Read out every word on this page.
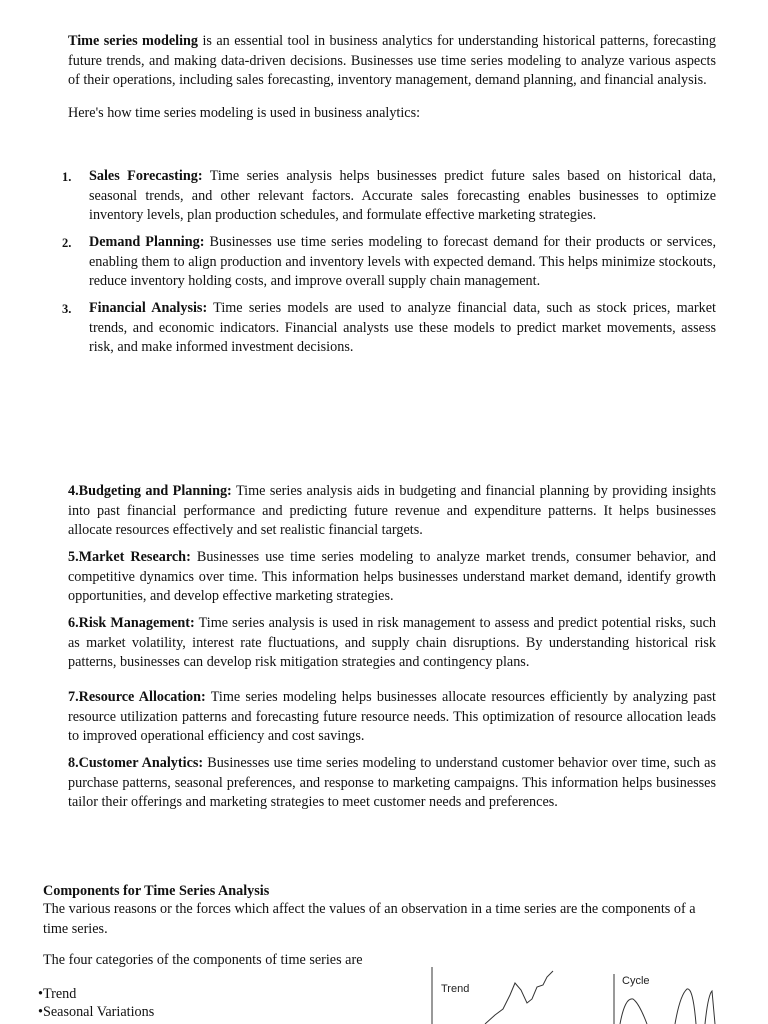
Time series modeling is an essential tool in business analytics for understanding historical patterns, forecasting future trends, and making data-driven decisions. Businesses use time series modeling to analyze various aspects of their operations, including sales forecasting, inventory management, demand planning, and financial analysis.

Here's how time series modeling is used in business analytics:

1. Sales Forecasting: Time series analysis helps businesses predict future sales based on historical data, seasonal trends, and other relevant factors. Accurate sales forecasting enables businesses to optimize inventory levels, plan production schedules, and formulate effective marketing strategies.

2. Demand Planning: Businesses use time series modeling to forecast demand for their products or services, enabling them to align production and inventory levels with expected demand. This helps minimize stockouts, reduce inventory holding costs, and improve overall supply chain management.

3. Financial Analysis: Time series models are used to analyze financial data, such as stock prices, market trends, and economic indicators. Financial analysts use these models to predict market movements, assess risk, and make informed investment decisions.

4.Budgeting and Planning: Time series analysis aids in budgeting and financial planning by providing insights into past financial performance and predicting future revenue and expenditure patterns. It helps businesses allocate resources effectively and set realistic financial targets.

5.Market Research: Businesses use time series modeling to analyze market trends, consumer behavior, and competitive dynamics over time. This information helps businesses understand market demand, identify growth opportunities, and develop effective marketing strategies.

6.Risk Management: Time series analysis is used in risk management to assess and predict potential risks, such as market volatility, interest rate fluctuations, and supply chain disruptions. By understanding historical risk patterns, businesses can develop risk mitigation strategies and contingency plans.

7.Resource Allocation: Time series modeling helps businesses allocate resources efficiently by analyzing past resource utilization patterns and forecasting future resource needs. This optimization of resource allocation leads to improved operational efficiency and cost savings.

8.Customer Analytics: Businesses use time series modeling to understand customer behavior over time, such as purchase patterns, seasonal preferences, and response to marketing campaigns. This information helps businesses tailor their offerings and marketing strategies to meet customer needs and preferences.

Components for Time Series Analysis

The various reasons or the forces which affect the values of an observation in a time series are the components of a time series.

The four categories of the components of time series are
•Trend
•Seasonal Variations
Trend
Cycle
